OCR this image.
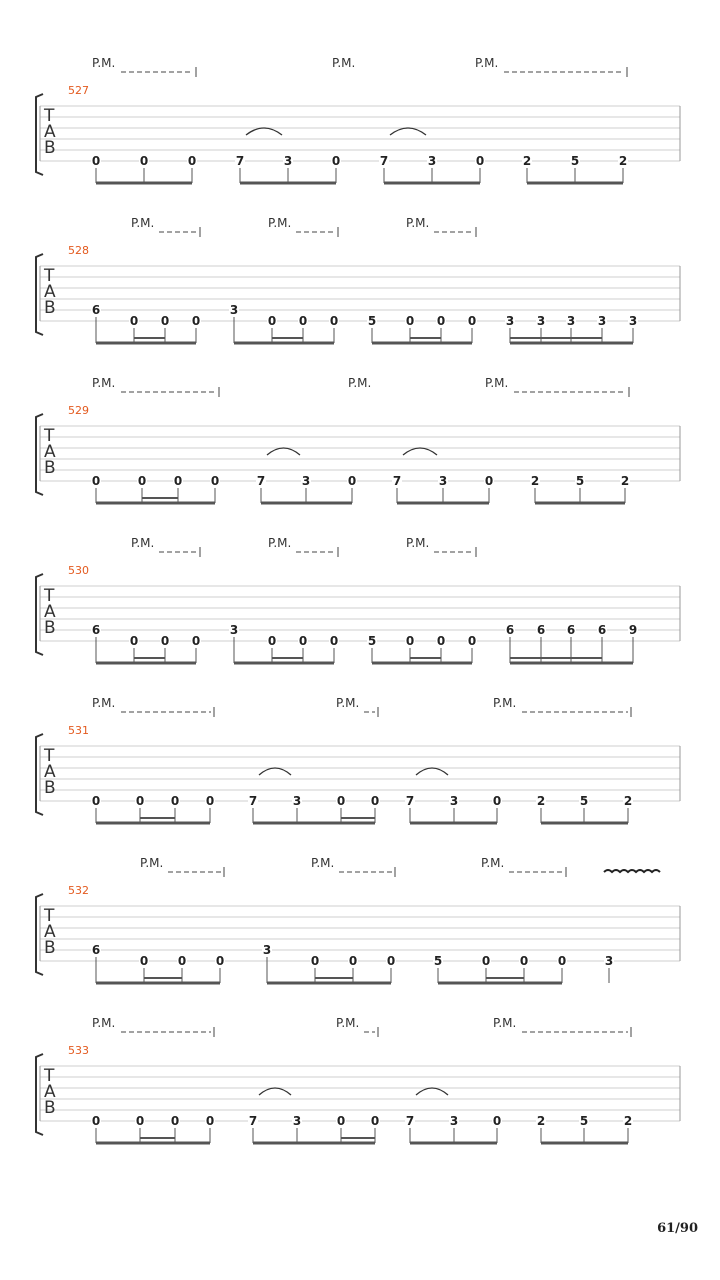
T
A
B
527
P.M.	P.M.	P.M.
0	0	0	7	3	0	7	3	0	2	5	2
T
A
B
528
P.M.	P.M.	P.M.
6
0 0 0
3
0 0 0 5 0 0 0 3 3 3 3 3
T
A
B
529
P.M.	P.M.	P.M.
0	0 0 0	7	3	0	7	3	0	2	5	2
T
A
B
530
P.M.	P.M.	P.M.
6
0 0 0
3
0 0 0 5 0 0 0
6 6 6 6 9
T
A
B
531
P.M.	P.M.	P.M.
0	0 0 0	7	3	0 0 7	3	0	2	5	2
T
A
B
532
P.M.	P.M.	P.M.
6
0 0 0
3
0 0 0	5	0 0 0	3
T
A
B
533
P.M.	P.M.	P.M.
0	0 0 0	7	3	0 0 7	3	0	2	5	2
61/90
